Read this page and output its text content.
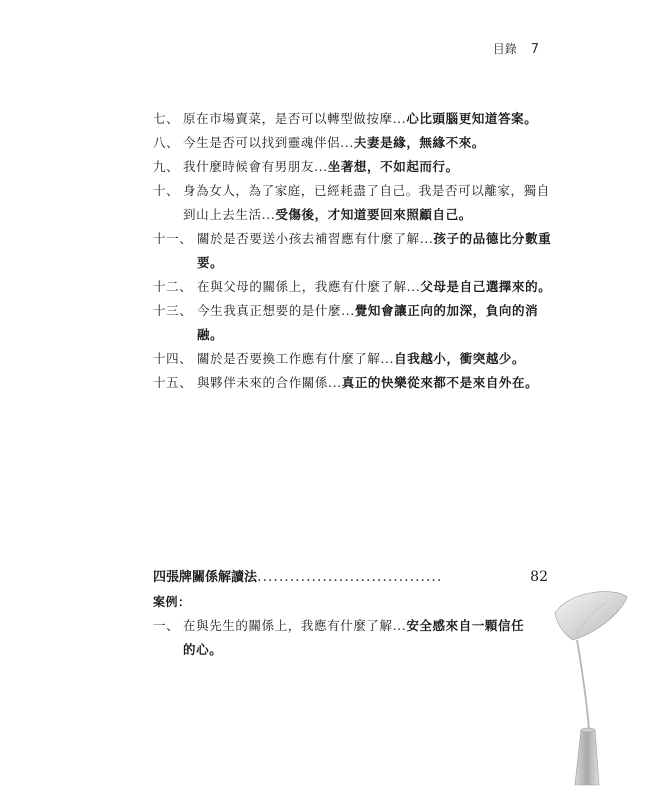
目錄 7
七、 原在市場賣菜，是否可以轉型做按摩...心比頭腦更知道答案。
八、 今生是否可以找到靈魂伴侶...夫妻是緣，無緣不來。
九、 我什麼時候會有男朋友...坐著想，不如起而行。
十、 身為女人，為了家庭，已經耗盡了自己。我是否可以離家，獨自到山上去生活...受傷後，才知道要回來照顧自己。
十一、 關於是否要送小孩去補習應有什麼了解...孩子的品德比分數重要。
十二、 在與父母的關係上，我應有什麼了解...父母是自己選擇來的。
十三、 今生我真正想要的是什麼...覺知會讓正向的加深，負向的消融。
十四、 關於是否要換工作應有什麼了解...自我越小，衝突越少。
十五、 與夥伴未來的合作關係...真正的快樂從來都不是來自外在。
四張牌關係解讀法 ..................................	82
案例：
一、 在與先生的關係上，我應有什麼了解...安全感來自一顆信任的心。
